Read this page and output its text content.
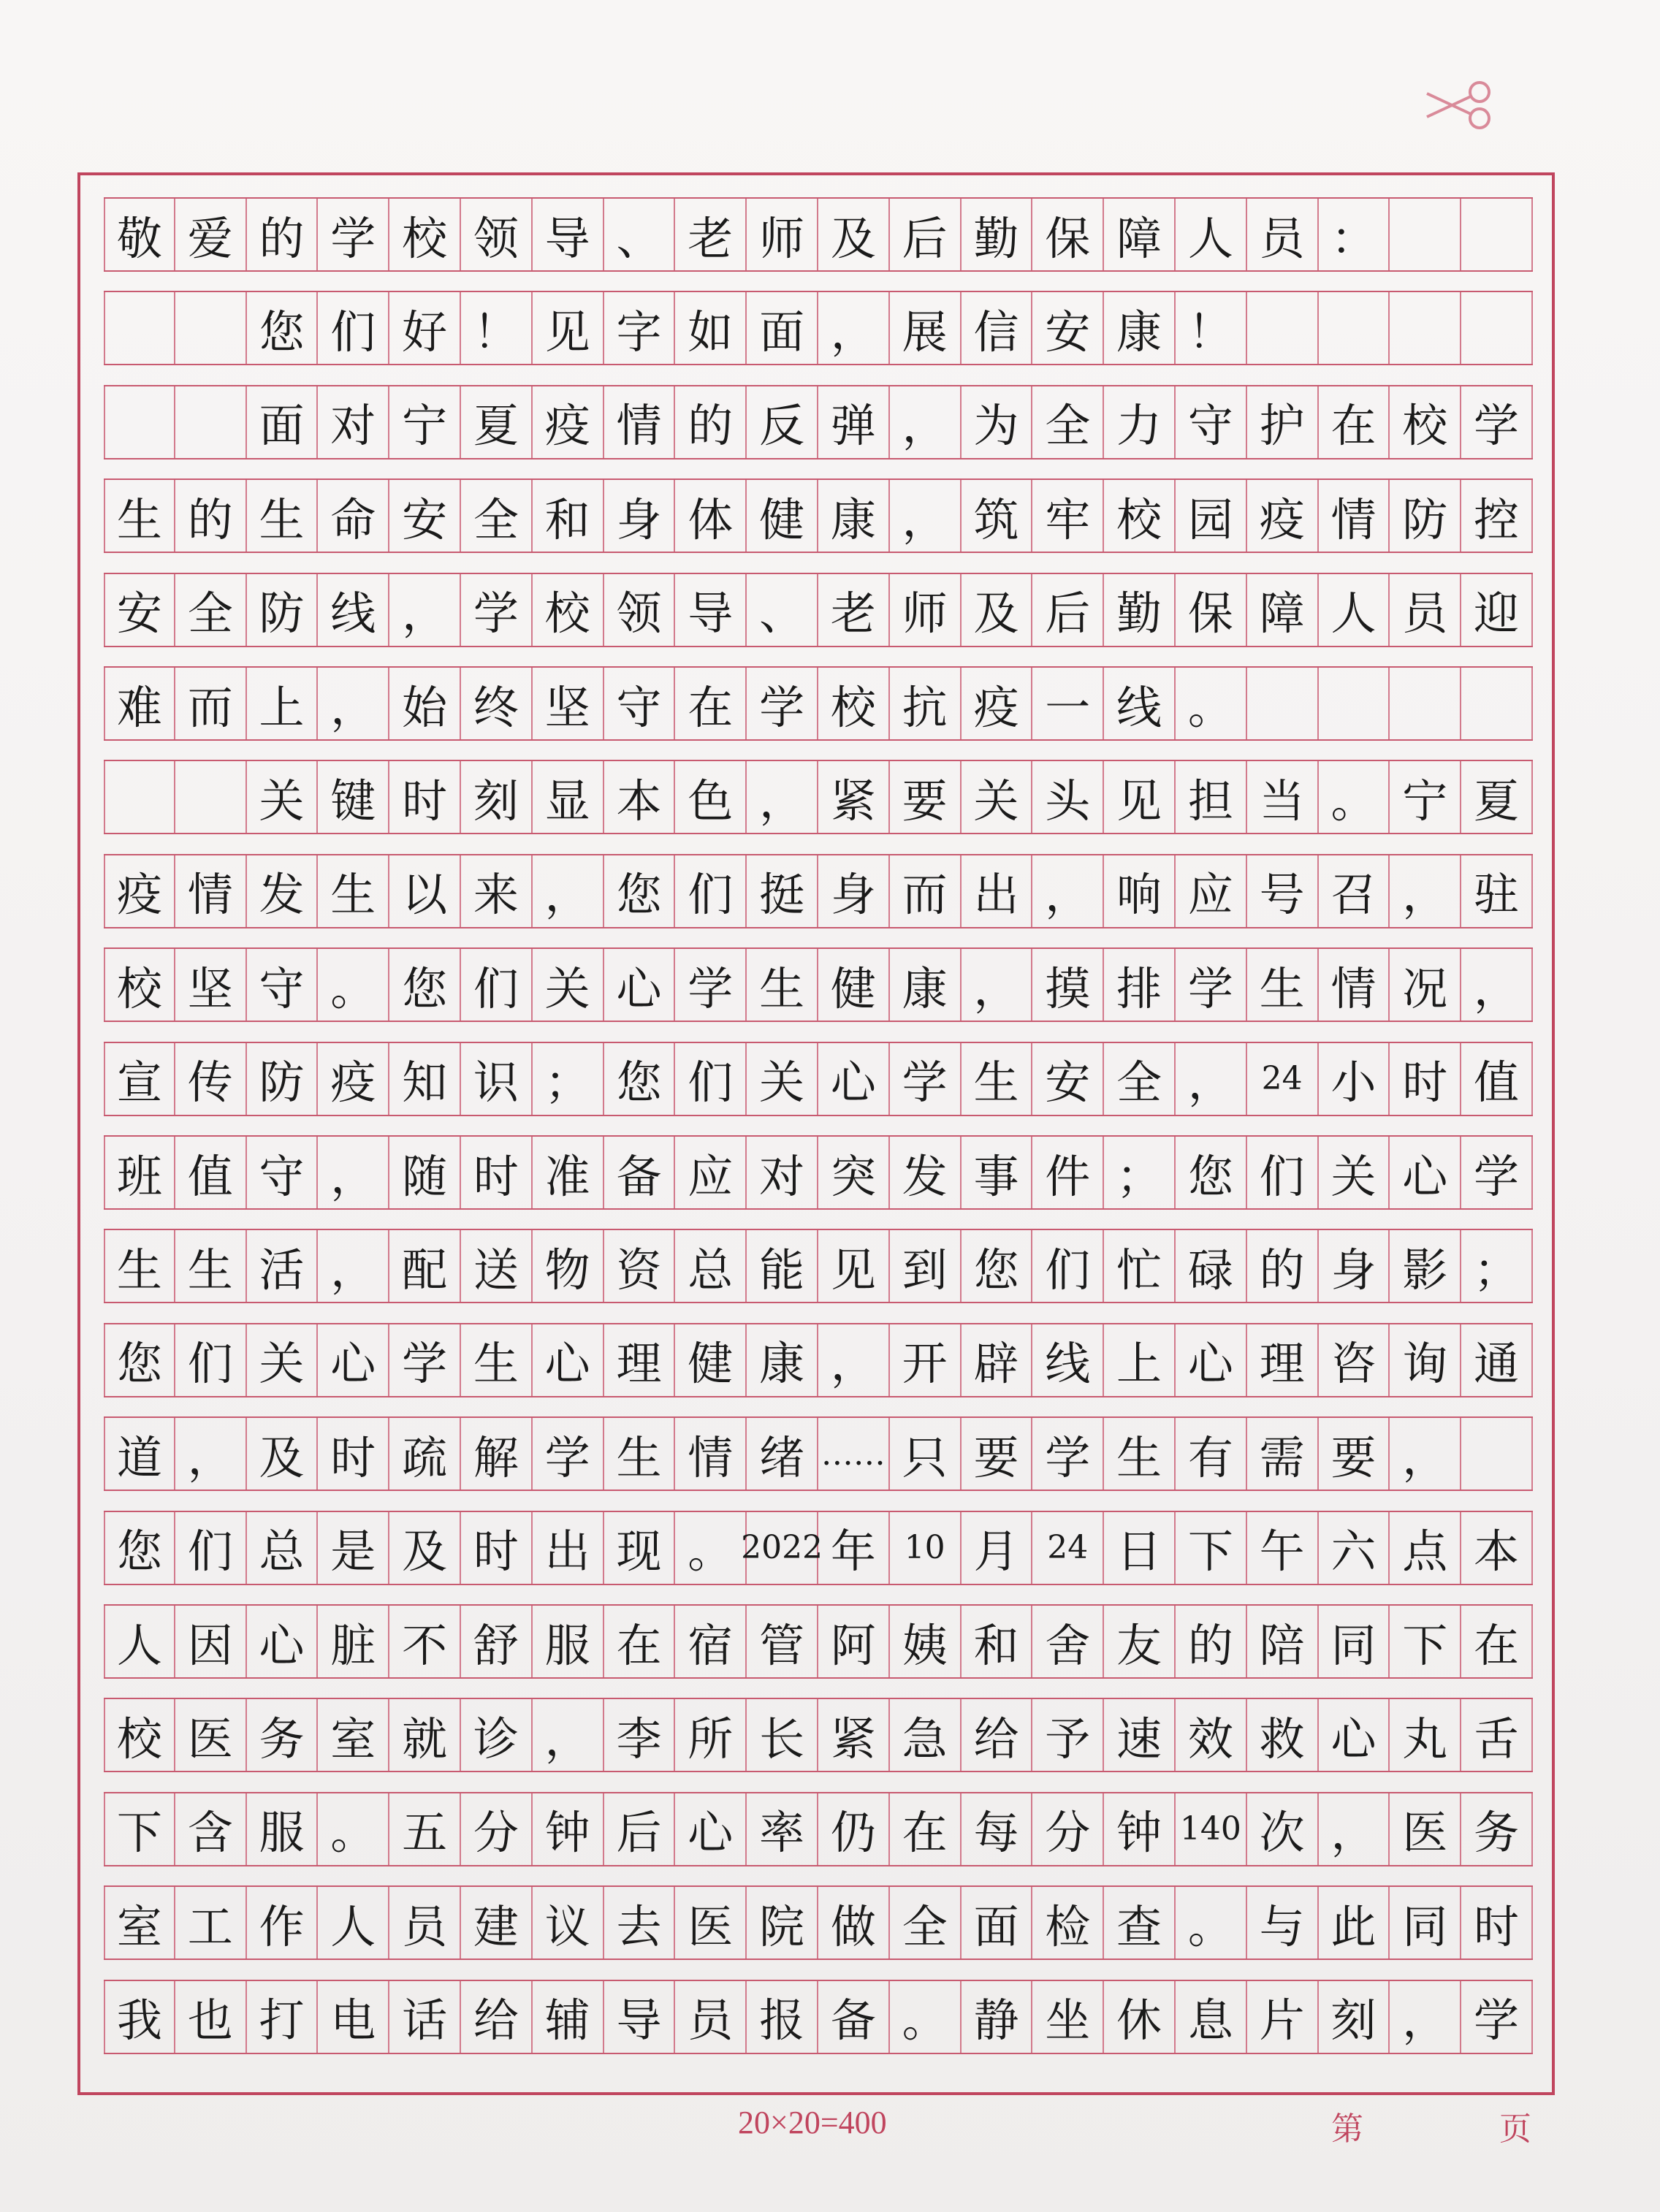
敬 爱 的 学 校 领 导 、 老 师 及 后 勤 保 障 人 员 ：
您 们 好 ！ 见 字 如 面 ， 展 信 安 康 ！
面 对 宁 夏 疫 情 的 反 弹 ， 为 全 力 守 护 在 校 学
生 的 生 命 安 全 和 身 体 健 康 ， 筑 牢 校 园 疫 情 防 控
安 全 防 线 ， 学 校 领 导 、 老 师 及 后 勤 保 障 人 员 迎
难 而 上 ， 始 终 坚 守 在 学 校 抗 疫 一 线 。
关 键 时 刻 显 本 色 ， 紧 要 关 头 见 担 当 。 宁 夏
疫 情 发 生 以 来 ， 您 们 挺 身 而 出 ， 响 应 号 召 ， 驻
校 坚 守 。 您 们 关 心 学 生 健 康 ， 摸 排 学 生 情 况 ，
宣 传 防 疫 知 识 ； 您 们 关 心 学 生 安 全 ， 24 小 时 值
班 值 守 ， 随 时 准 备 应 对 突 发 事 件 ； 您 们 关 心 学
生 生 活 ， 配 送 物 资 总 能 见 到 您 们 忙 碌 的 身 影 ；
您 们 关 心 学 生 心 理 健 康 ， 开 辟 线 上 心 理 咨 询 通
道 ， 及 时 疏 解 学 生 情 绪 …… 只 要 学 生 有 需 要 ，
您 们 总 是 及 时 出 现 。 2022 年 10 月 24 日 下 午 六 点 本
人 因 心 脏 不 舒 服 在 宿 管 阿 姨 和 舍 友 的 陪 同 下 在
校 医 务 室 就 诊 ， 李 所 长 紧 急 给 予 速 效 救 心 丸 舌
下 含 服 。 五 分 钟 后 心 率 仍 在 每 分 钟 140 次 ， 医 务
室 工 作 人 员 建 议 去 医 院 做 全 面 检 查 。 与 此 同 时
我 也 打 电 话 给 辅 导 员 报 备 。 静 坐 休 息 片 刻 ， 学
20×20=400	第	页
